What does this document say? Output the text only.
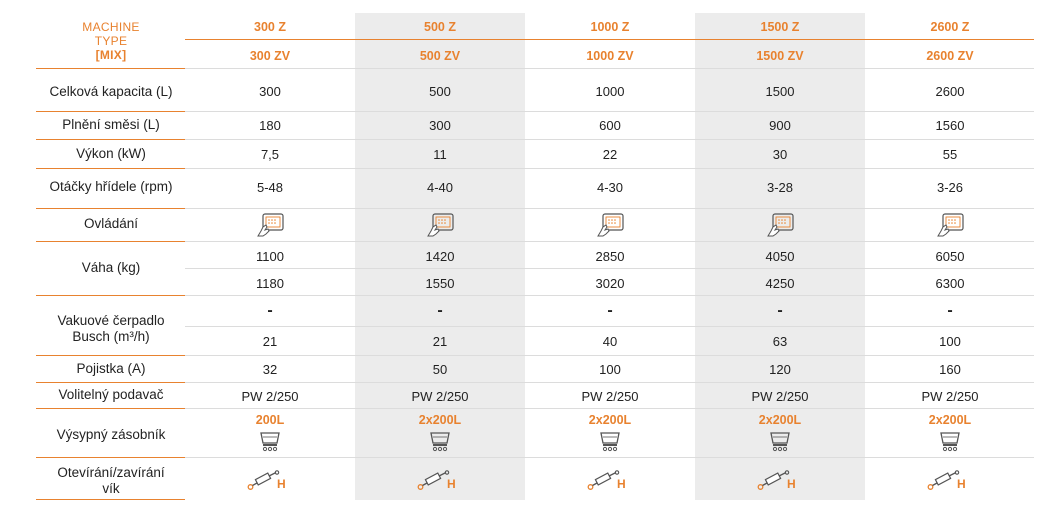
MACHINE
TYPE
[MIX]
Celková kapacita (L)
Plnění směsi (L)
Výkon (kW)
Otáčky hřídele (rpm)
Ovládání
Váha (kg)
Vakuové čerpadlo
Busch (m³/h)
Pojistka (A)
Volitelný podavač
Výsypný zásobník
Otevírání/zavírání
vík
300 Z
300 ZV
300
180
7,5
5-48
1100
1180
-
21
32
PW 2/250
200L
H
500 Z
500 ZV
500
300
11
4-40
1420
1550
-
21
50
PW 2/250
2x200L
H
1000 Z
1000 ZV
1000
600
22
4-30
2850
3020
-
40
100
PW 2/250
2x200L
H
1500 Z
1500 ZV
1500
900
30
3-28
4050
4250
-
63
120
PW 2/250
2x200L
H
2600 Z
2600 ZV
2600
1560
55
3-26
6050
6300
-
100
160
PW 2/250
2x200L
H
